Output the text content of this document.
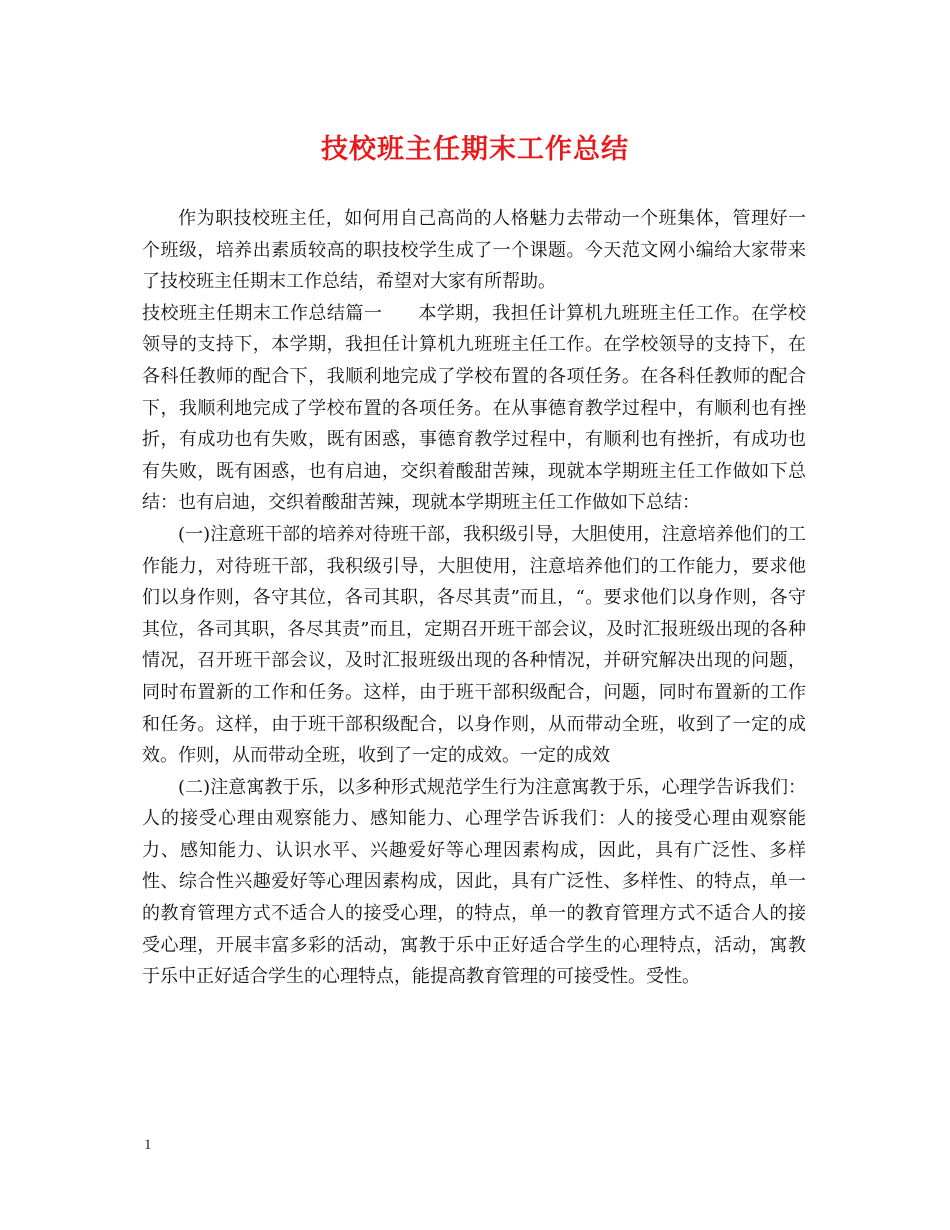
技校班主任期末工作总结

作为职技校班主任，如何用自己高尚的人格魅力去带动一个班集体，管理好一个班级，培养出素质较高的职技校学生成了一个课题。今天范文网小编给大家带来了技校班主任期末工作总结，希望对大家有所帮助。

技校班主任期末工作总结篇一 本学期，我担任计算机九班班主任工作。在学校领导的支持下，本学期，我担任计算机九班班主任工作。在学校领导的支持下，在各科任教师的配合下，我顺利地完成了学校布置的各项任务。在各科任教师的配合下，我顺利地完成了学校布置的各项任务。在从事德育教学过程中，有顺利也有挫折，有成功也有失败，既有困惑，事德育教学过程中，有顺利也有挫折，有成功也有失败，既有困惑，也有启迪，交织着酸甜苦辣，现就本学期班主任工作做如下总结：也有启迪，交织着酸甜苦辣，现就本学期班主任工作做如下总结：

(一)注意班干部的培养对待班干部，我积级引导，大胆使用，注意培养他们的工作能力，对待班干部，我积级引导，大胆使用，注意培养他们的工作能力，要求他们以身作则，各守其位，各司其职，各尽其责”而且，“。要求他们以身作则，各守其位，各司其职，各尽其责”而且，定期召开班干部会议，及时汇报班级出现的各种情况，召开班干部会议，及时汇报班级出现的各种情况，并研究解决出现的问题，同时布置新的工作和任务。这样，由于班干部积级配合，问题，同时布置新的工作和任务。这样，由于班干部积级配合，以身作则，从而带动全班，收到了一定的成效。作则，从而带动全班，收到了一定的成效。一定的成效

(二)注意寓教于乐，以多种形式规范学生行为注意寓教于乐，心理学告诉我们：人的接受心理由观察能力、感知能力、心理学告诉我们：人的接受心理由观察能力、感知能力、认识水平、兴趣爱好等心理因素构成，因此，具有广泛性、多样性、综合性兴趣爱好等心理因素构成，因此，具有广泛性、多样性、的特点，单一的教育管理方式不适合人的接受心理，的特点，单一的教育管理方式不适合人的接受心理，开展丰富多彩的活动，寓教于乐中正好适合学生的心理特点，活动，寓教于乐中正好适合学生的心理特点，能提高教育管理的可接受性。受性。

1
